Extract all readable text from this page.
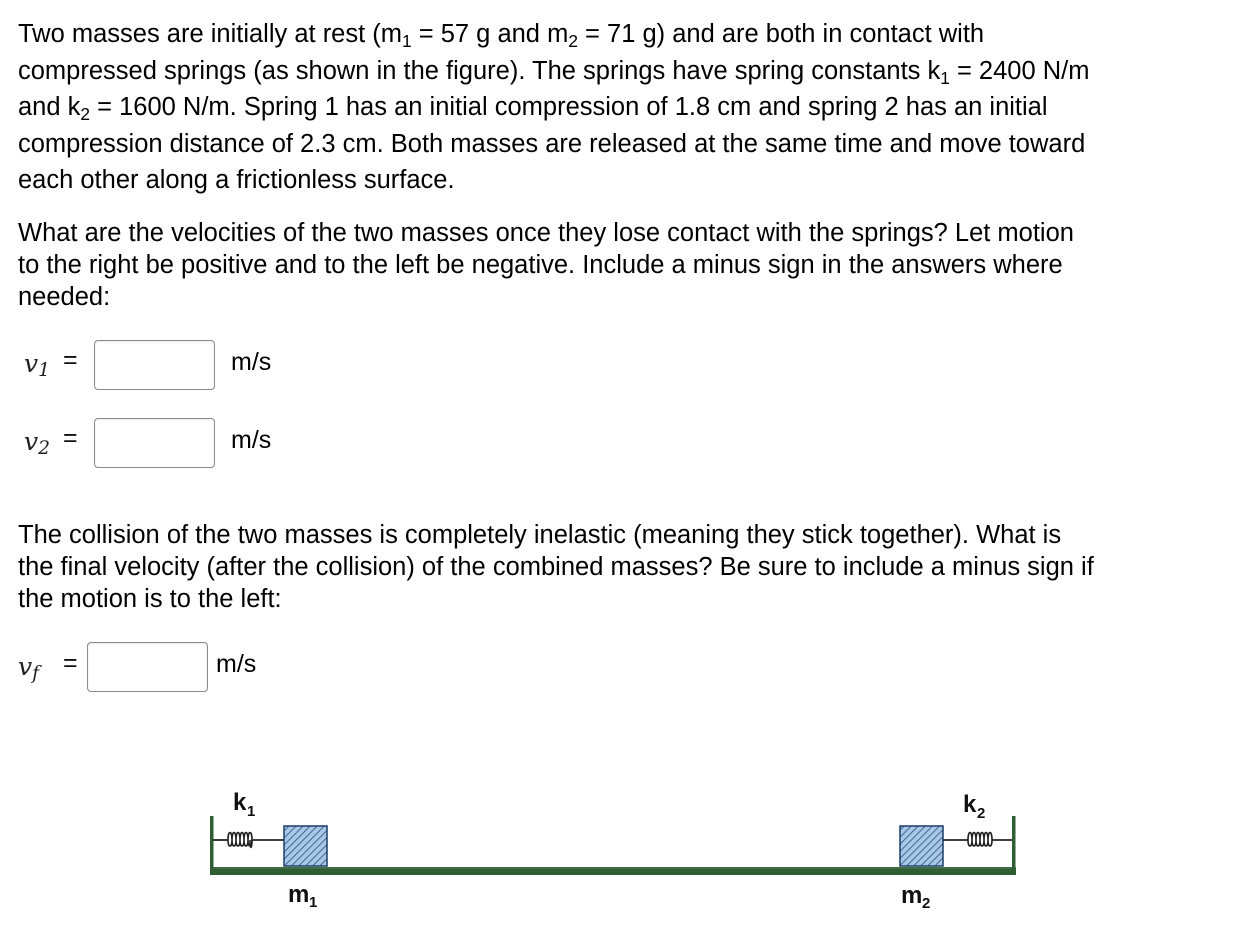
Two masses are initially at rest ($m_1 = 57$ g and $m_2 = 71$ g) and are both in contact with
compressed springs (as shown in the figure). The springs have spring constants $k_1 = 2400$ N/m
and $k_2 = 1600$ N/m. Spring 1 has an initial compression of 1.8 cm and spring 2 has an initial
compression distance of 2.3 cm. Both masses are released at the same time and move toward
each other along a frictionless surface.
What are the velocities of the two masses once they lose contact with the springs? Let motion
to the right be positive and to the left be negative. Include a minus sign in the answers where
needed:
$v_1$ =	m/s
$v_2$ =	m/s
The collision of the two masses is completely inelastic (meaning they stick together). What is
the final velocity (after the collision) of the combined masses? Be sure to include a minus sign if
the motion is to the left:
$v_f$ =	m/s
k 1	k 2
m 1	m 2
